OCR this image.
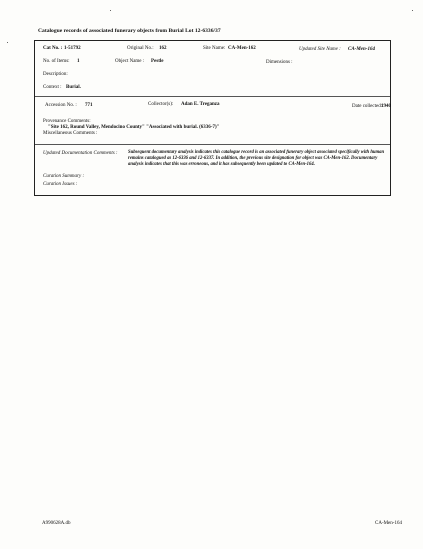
Catalogue records of associated funerary objects from Burial Lot 12-6336/37
Cat No. : 1-51792	Original No.: 162	Site Name: CA-Men-162	Updated Site Name : CA-Men-164
No. of Items: 1	Object Name : Pestle	Dimensions :
Description:
Context : Burial.
Accession No. : 771	Collector(s): Adan E. Treganza	Date collected:
1940
Provenance Comments:
"Site 162, Round Valley, Mendocino County" "Associated with burial. (6336-7)"
Miscellaneous Comments :
Updated Documentation Comments : Subsequent documentary analysis indicates this catalogue record is an associated funerary object associated specifically with human remains catalogued as 12-6336 and 12-6337. In addition, the previous site designation for object was CA-Men-162. Documentary analysis indicates that this was erroneous, and it has subsequently been updated to CA-Men-164.
Curation Summary :
Curation Issues :
A990628A.db	CA-Men-164
